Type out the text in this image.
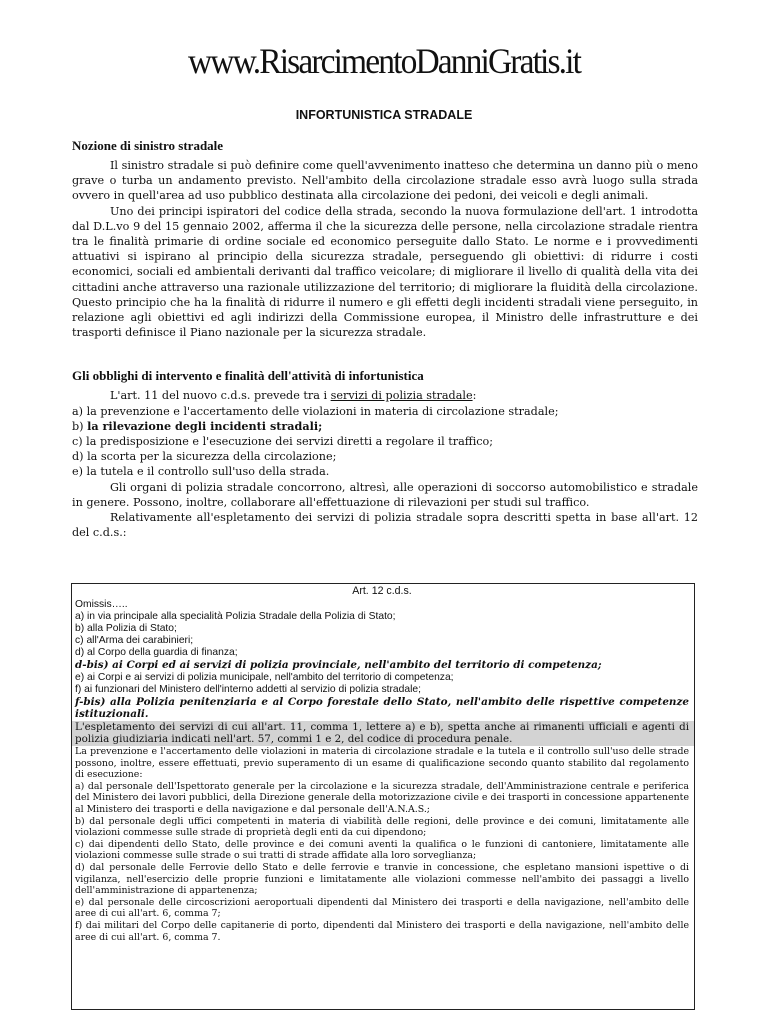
www.RisarcimentoDanniGratis.it
INFORTUNISTICA STRADALE
Nozione di sinistro stradale

Il sinistro stradale si può definire come quell'avvenimento inatteso che determina un danno più o meno grave o turba un andamento previsto. Nell'ambito della circolazione stradale esso avrà luogo sulla strada ovvero in quell'area ad uso pubblico destinata alla circolazione dei pedoni, dei veicoli e degli animali.

Uno dei principi ispiratori del codice della strada, secondo la nuova formulazione dell'art. 1 introdotta dal D.L.vo 9 del 15 gennaio 2002, afferma il che la sicurezza delle persone, nella circolazione stradale rientra tra le finalità primarie di ordine sociale ed economico perseguite dallo Stato. Le norme e i provvedimenti attuativi si ispirano al principio della sicurezza stradale, perseguendo gli obiettivi: di ridurre i costi economici, sociali ed ambientali derivanti dal traffico veicolare; di migliorare il livello di qualità della vita dei cittadini anche attraverso una razionale utilizzazione del territorio; di migliorare la fluidità della circolazione. Questo principio che ha la finalità di ridurre il numero e gli effetti degli incidenti stradali viene perseguito, in relazione agli obiettivi ed agli indirizzi della Commissione europea, il Ministro delle infrastrutture e dei trasporti definisce il Piano nazionale per la sicurezza stradale.

Gli obblighi di intervento e finalità dell'attività di infortunistica

L'art. 11 del nuovo c.d.s. prevede tra i servizi di polizia stradale:

a) la prevenzione e l'accertamento delle violazioni in materia di circolazione stradale;

b) la rilevazione degli incidenti stradali;

c) la predisposizione e l'esecuzione dei servizi diretti a regolare il traffico;

d) la scorta per la sicurezza della circolazione;

e) la tutela e il controllo sull'uso della strada.

Gli organi di polizia stradale concorrono, altresì, alle operazioni di soccorso automobilistico e stradale in genere. Possono, inoltre, collaborare all'effettuazione di rilevazioni per studi sul traffico.

Relativamente all'espletamento dei servizi di polizia stradale sopra descritti spetta in base all'art. 12 del c.d.s.:

Art. 12 c.d.s.

Omissis…..

a) in via principale alla specialità Polizia Stradale della Polizia di Stato;

b) alla Polizia di Stato;

c) all'Arma dei carabinieri;

d) al Corpo della guardia di finanza;

d-bis) ai Corpi ed ai servizi di polizia provinciale, nell'ambito del territorio di competenza;

e) ai Corpi e ai servizi di polizia municipale, nell'ambito del territorio di competenza;

f) ai funzionari del Ministero dell'interno addetti al servizio di polizia stradale;

f-bis) alla Polizia penitenziaria e al Corpo forestale dello Stato, nell'ambito delle rispettive competenze istituzionali.

L'espletamento dei servizi di cui all'art. 11, comma 1, lettere a) e b), spetta anche ai rimanenti ufficiali e agenti di polizia giudiziaria indicati nell'art. 57, commi 1 e 2, del codice di procedura penale.

La prevenzione e l'accertamento delle violazioni in materia di circolazione stradale e la tutela e il controllo sull'uso delle strade possono, inoltre, essere effettuati, previo superamento di un esame di qualificazione secondo quanto stabilito dal regolamento di esecuzione:

a) dal personale dell'Ispettorato generale per la circolazione e la sicurezza stradale, dell'Amministrazione centrale e periferica del Ministero dei lavori pubblici, della Direzione generale della motorizzazione civile e dei trasporti in concessione appartenente al Ministero dei trasporti e della navigazione e dal personale dell'A.N.A.S.;

b) dal personale degli uffici competenti in materia di viabilità delle regioni, delle province e dei comuni, limitatamente alle violazioni commesse sulle strade di proprietà degli enti da cui dipendono;

c) dai dipendenti dello Stato, delle province e dei comuni aventi la qualifica o le funzioni di cantoniere, limitatamente alle violazioni commesse sulle strade o sui tratti di strade affidate alla loro sorveglianza;

d) dal personale delle Ferrovie dello Stato e delle ferrovie e tranvie in concessione, che espletano mansioni ispettive o di vigilanza, nell'esercizio delle proprie funzioni e limitatamente alle violazioni commesse nell'ambito dei passaggi a livello dell'amministrazione di appartenenza;

e) dal personale delle circoscrizioni aeroportuali dipendenti dal Ministero dei trasporti e della navigazione, nell'ambito delle aree di cui all'art. 6, comma 7;

f) dai militari del Corpo delle capitanerie di porto, dipendenti dal Ministero dei trasporti e della navigazione, nell'ambito delle aree di cui all'art. 6, comma 7.
